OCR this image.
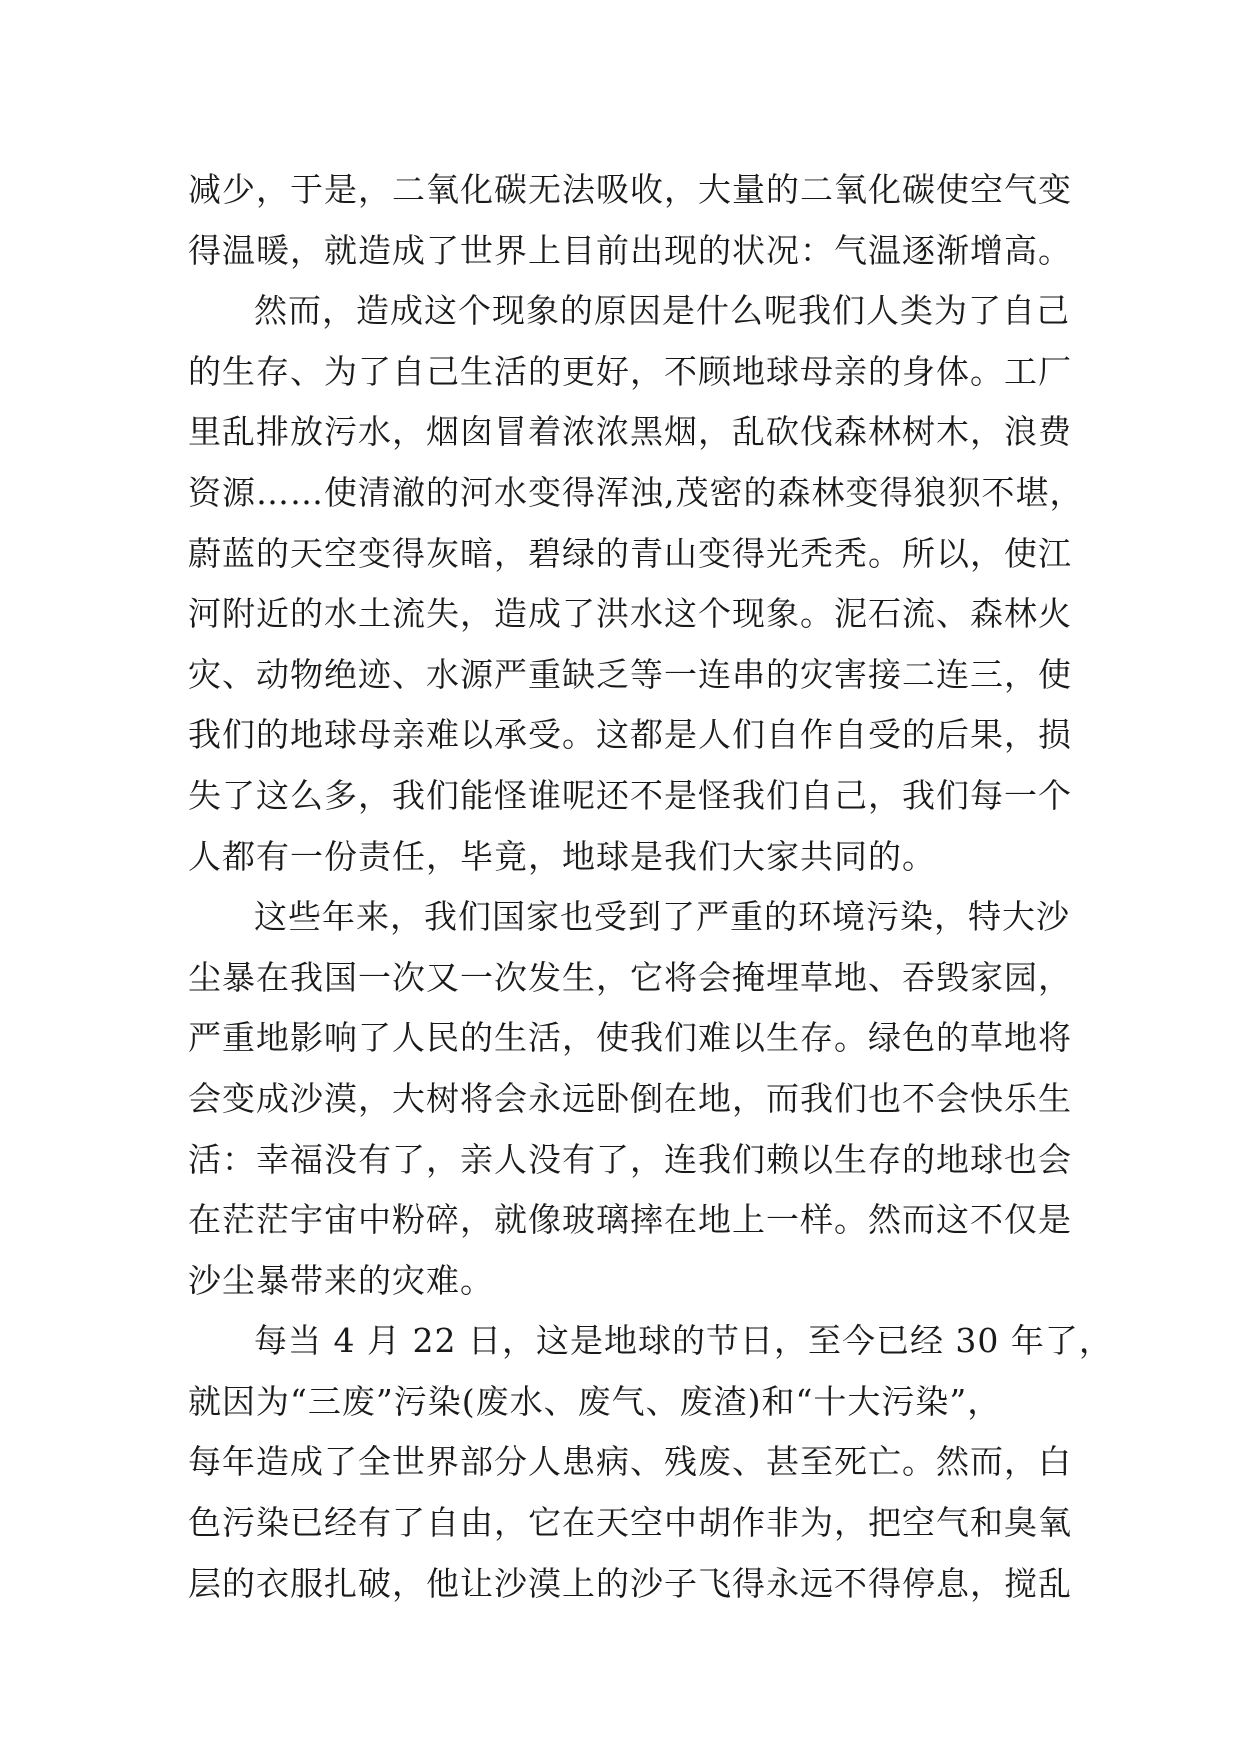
减少，于是，二氧化碳无法吸收，大量的二氧化碳使空气变
得温暖，就造成了世界上目前出现的状况：气温逐渐增高。
然而，造成这个现象的原因是什么呢我们人类为了自己
的生存、为了自己生活的更好，不顾地球母亲的身体。工厂
里乱排放污水，烟囱冒着浓浓黑烟，乱砍伐森林树木，浪费
资源……使清澈的河水变得浑浊,茂密的森林变得狼狈不堪，
蔚蓝的天空变得灰暗，碧绿的青山变得光秃秃。所以，使江
河附近的水土流失，造成了洪水这个现象。泥石流、森林火
灾、动物绝迹、水源严重缺乏等一连串的灾害接二连三，使
我们的地球母亲难以承受。这都是人们自作自受的后果，损
失了这么多，我们能怪谁呢还不是怪我们自己，我们每一个
人都有一份责任，毕竟，地球是我们大家共同的。
这些年来，我们国家也受到了严重的环境污染，特大沙
尘暴在我国一次又一次发生，它将会掩埋草地、吞毁家园，
严重地影响了人民的生活，使我们难以生存。绿色的草地将
会变成沙漠，大树将会永远卧倒在地，而我们也不会快乐生
活：幸福没有了，亲人没有了，连我们赖以生存的地球也会
在茫茫宇宙中粉碎，就像玻璃摔在地上一样。然而这不仅是
沙尘暴带来的灾难。
每当 4 月 22 日，这是地球的节日，至今已经 30 年了，
就因为“三废”污染(废水、废气、废渣)和“十大污染”，
每年造成了全世界部分人患病、残废、甚至死亡。然而，白
色污染已经有了自由，它在天空中胡作非为，把空气和臭氧
层的衣服扎破，他让沙漠上的沙子飞得永远不得停息，搅乱
